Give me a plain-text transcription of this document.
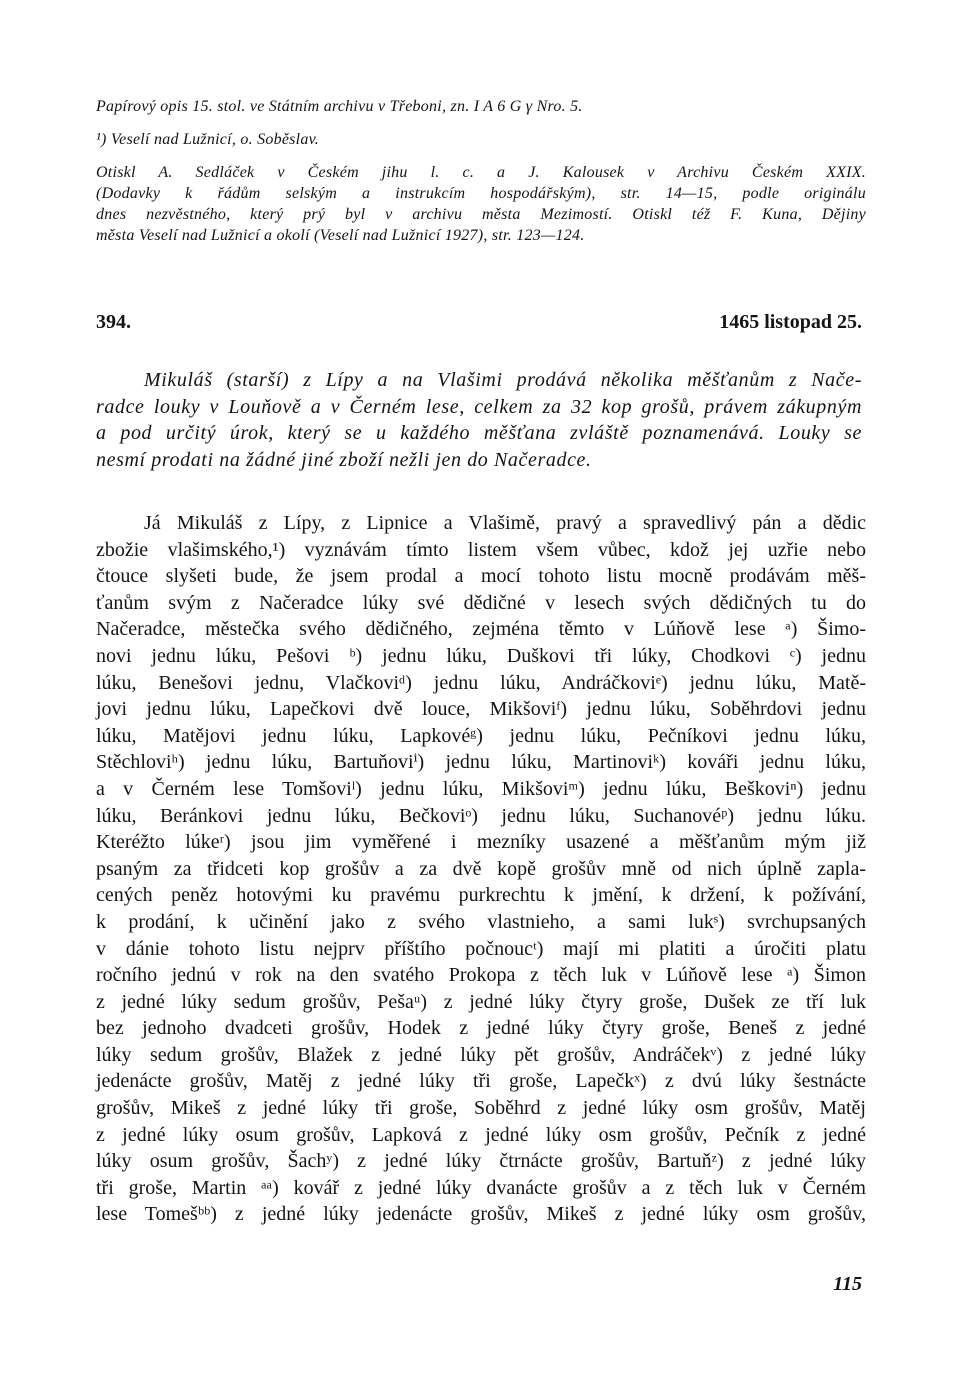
Papírový opis 15. stol. ve Státním archivu v Třeboni, zn. I A 6 G γ Nro. 5.
¹) Veselí nad Lužnicí, o. Soběslav.
Otiskl A. Sedláček v Českém jihu l. c. a J. Kalousek v Archivu Českém XXIX.
(Dodavky k řádům selským a instrukcím hospodářským), str. 14—15, podle originálu
dnes nezvěstného, který prý byl v archivu města Mezimostí. Otiskl též F. Kuna, Dějiny
města Veselí nad Lužnicí a okolí (Veselí nad Lužnicí 1927), str. 123—124.
394.	1465 listopad 25.
Mikuláš (starší) z Lípy a na Vlašimi prodává několika měšťanům z Nače-
radce louky v Louňově a v Černém lese, celkem za 32 kop grošů, právem zákupným
a pod určitý úrok, který se u každého měšťana zvláště poznamenává. Louky se
nesmí prodati na žádné jiné zboží nežli jen do Načeradce.
Já Mikuláš z Lípy, z Lipnice a Vlašimě, pravý a spravedlivý pán a dědic
zbožie vlašimského,¹) vyznávám tímto listem všem vůbec, kdož jej uzřie nebo
čtouce slyšeti bude, že jsem prodal a mocí tohoto listu mocně prodávám měš-
ťanům svým z Načeradce lúky své dědičné v lesech svých dědičných tu do
Načeradce, městečka svého dědičného, zejména těmto v Lúňově lese ᵃ) Šimo-
novi jednu lúku, Pešovi ᵇ) jednu lúku, Duškovi tři lúky, Chodkovi ᶜ) jednu
lúku, Benešovi jednu, Vlačkoviᵈ) jednu lúku, Andráčkoviᵉ) jednu lúku, Matě-
jovi jednu lúku, Lapečkovi dvě louce, Mikšoviᶠ) jednu lúku, Soběhrdovi jednu
lúku, Matějovi jednu lúku, Lapkovéᵍ) jednu lúku, Pečníkovi jednu lúku,
Stěchloviʰ) jednu lúku, Bartuňoviⁱ) jednu lúku, Martinoviᵏ) kováři jednu lúku,
a v Černém lese Tomšoviˡ) jednu lúku, Mikšoviᵐ) jednu lúku, Beškoviⁿ) jednu
lúku, Beránkovi jednu lúku, Bečkoviᵒ) jednu lúku, Suchanovéᵖ) jednu lúku.
Kteréžto lúkeʳ) jsou jim vyměřené i mezníky usazené a měšťanům mým již
psaným za třidceti kop grošův a za dvě kopě grošův mně od nich úplně zapla-
cených peněz hotovými ku pravému purkrechtu k jmění, k držení, k požívání,
k prodání, k učinění jako z svého vlastnieho, a sami lukˢ) svrchupsaných
v dánie tohoto listu nejprv příštího počnoucᵗ) mají mi platiti a úročiti platu
ročního jednú v rok na den svatého Prokopa z těch luk v Lúňově lese ᵃ) Šimon
z jedné lúky sedum grošův, Pešaᵘ) z jedné lúky čtyry groše, Dušek ze tří luk
bez jednoho dvadceti grošův, Hodek z jedné lúky čtyry groše, Beneš z jedné
lúky sedum grošův, Blažek z jedné lúky pět grošův, Andráčekᵛ) z jedné lúky
jedenácte grošův, Matěj z jedné lúky tři groše, Lapečkˣ) z dvú lúky šestnácte
grošův, Mikeš z jedné lúky tři groše, Soběhrd z jedné lúky osm grošův, Matěj
z jedné lúky osum grošův, Lapková z jedné lúky osm grošův, Pečník z jedné
lúky osum grošův, Šachʸ) z jedné lúky čtrnácte grošův, Bartuňᶻ) z jedné lúky
tři groše, Martin ᵃᵃ) kovář z jedné lúky dvanácte grošův a z těch luk v Černém
lese Tomešᵇᵇ) z jedné lúky jedenácte grošův, Mikeš z jedné lúky osm grošův,
115
